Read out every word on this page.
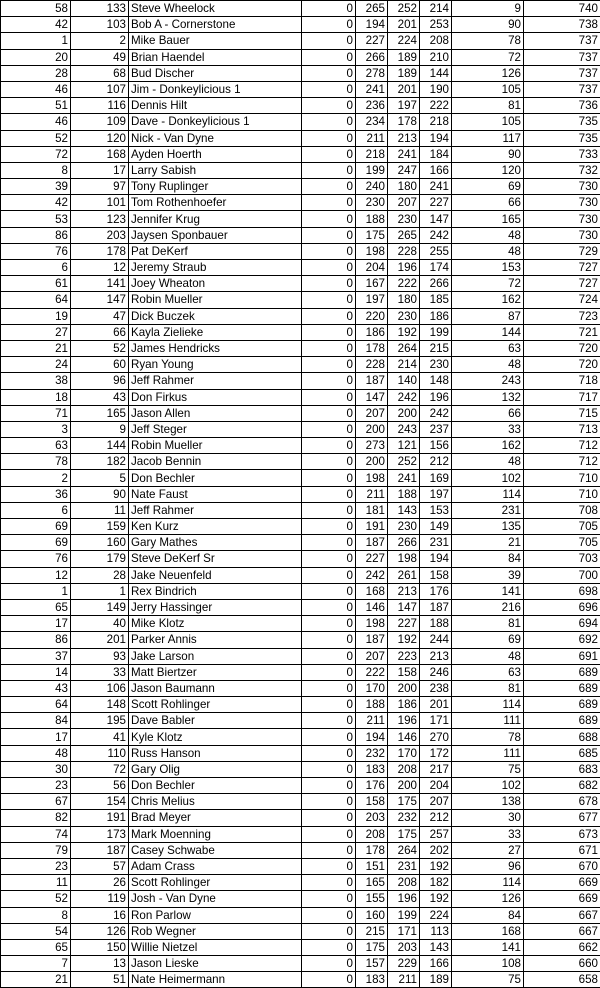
58	133	Steve Wheelock	0	265	252	214	9	740
42	103	Bob A - Cornerstone	0	194	201	253	90	738
1	2	Mike Bauer	0	227	224	208	78	737
20	49	Brian Haendel	0	266	189	210	72	737
28	68	Bud Discher	0	278	189	144	126	737
46	107	Jim - Donkeylicious 1	0	241	201	190	105	737
51	116	Dennis Hilt	0	236	197	222	81	736
46	109	Dave - Donkeylicious 1	0	234	178	218	105	735
52	120	Nick - Van Dyne	0	211	213	194	117	735
72	168	Ayden Hoerth	0	218	241	184	90	733
8	17	Larry Sabish	0	199	247	166	120	732
39	97	Tony Ruplinger	0	240	180	241	69	730
42	101	Tom Rothenhoefer	0	230	207	227	66	730
53	123	Jennifer Krug	0	188	230	147	165	730
86	203	Jaysen Sponbauer	0	175	265	242	48	730
76	178	Pat DeKerf	0	198	228	255	48	729
6	12	Jeremy Straub	0	204	196	174	153	727
61	141	Joey Wheaton	0	167	222	266	72	727
64	147	Robin Mueller	0	197	180	185	162	724
19	47	Dick Buczek	0	220	230	186	87	723
27	66	Kayla Zielieke	0	186	192	199	144	721
21	52	James Hendricks	0	178	264	215	63	720
24	60	Ryan Young	0	228	214	230	48	720
38	96	Jeff Rahmer	0	187	140	148	243	718
18	43	Don Firkus	0	147	242	196	132	717
71	165	Jason Allen	0	207	200	242	66	715
3	9	Jeff Steger	0	200	243	237	33	713
63	144	Robin Mueller	0	273	121	156	162	712
78	182	Jacob Bennin	0	200	252	212	48	712
2	5	Don Bechler	0	198	241	169	102	710
36	90	Nate Faust	0	211	188	197	114	710
6	11	Jeff Rahmer	0	181	143	153	231	708
69	159	Ken Kurz	0	191	230	149	135	705
69	160	Gary Mathes	0	187	266	231	21	705
76	179	Steve DeKerf Sr	0	227	198	194	84	703
12	28	Jake Neuenfeld	0	242	261	158	39	700
1	1	Rex Bindrich	0	168	213	176	141	698
65	149	Jerry Hassinger	0	146	147	187	216	696
17	40	Mike Klotz	0	198	227	188	81	694
86	201	Parker Annis	0	187	192	244	69	692
37	93	Jake Larson	0	207	223	213	48	691
14	33	Matt Biertzer	0	222	158	246	63	689
43	106	Jason Baumann	0	170	200	238	81	689
64	148	Scott Rohlinger	0	188	186	201	114	689
84	195	Dave Babler	0	211	196	171	111	689
17	41	Kyle Klotz	0	194	146	270	78	688
48	110	Russ Hanson	0	232	170	172	111	685
30	72	Gary Olig	0	183	208	217	75	683
23	56	Don Bechler	0	176	200	204	102	682
67	154	Chris Melius	0	158	175	207	138	678
82	191	Brad Meyer	0	203	232	212	30	677
74	173	Mark Moenning	0	208	175	257	33	673
79	187	Casey Schwabe	0	178	264	202	27	671
23	57	Adam Crass	0	151	231	192	96	670
11	26	Scott Rohlinger	0	165	208	182	114	669
52	119	Josh - Van Dyne	0	155	196	192	126	669
8	16	Ron Parlow	0	160	199	224	84	667
54	126	Rob Wegner	0	215	171	113	168	667
65	150	Willie Nietzel	0	175	203	143	141	662
7	13	Jason Lieske	0	157	229	166	108	660
21	51	Nate Heimermann	0	183	211	189	75	658
